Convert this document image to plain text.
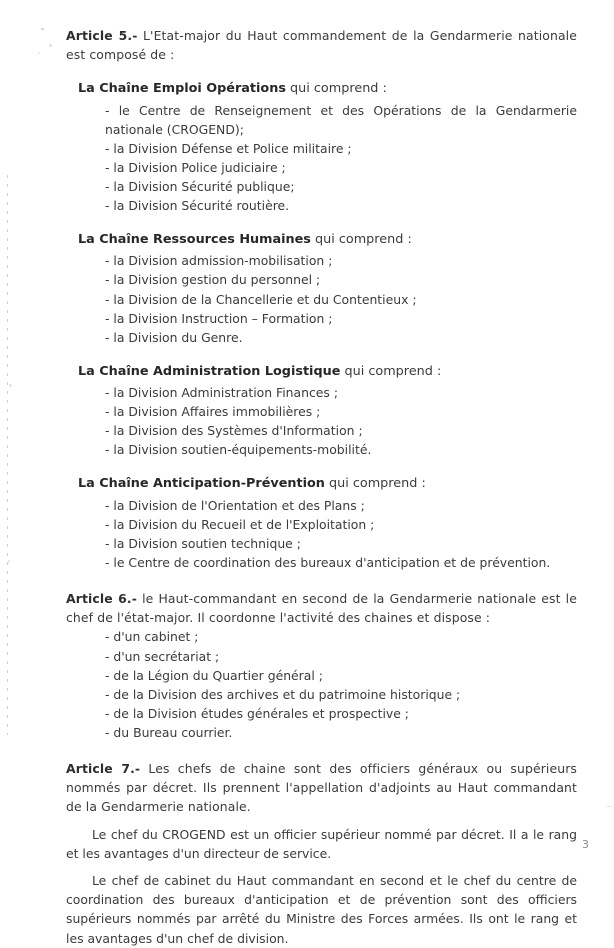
Article 5.- L'Etat-major du Haut commandement de la Gendarmerie nationale est composé de :

La Chaîne Emploi Opérations qui comprend :
- le Centre de Renseignement et des Opérations de la Gendarmerie nationale (CROGEND);
- la Division Défense et Police militaire ;
- la Division Police judiciaire ;
- la Division Sécurité publique;
- la Division Sécurité routière.
La Chaîne Ressources Humaines qui comprend :
- la Division admission-mobilisation ;
- la Division gestion du personnel ;
- la Division de la Chancellerie et du Contentieux ;
- la Division Instruction – Formation ;
- la Division du Genre.
La Chaîne Administration Logistique qui comprend :
- la Division Administration Finances ;
- la Division Affaires immobilières ;
- la Division des Systèmes d'Information ;
- la Division soutien-équipements-mobilité.
La Chaîne Anticipation-Prévention qui comprend :
- la Division de l'Orientation et des Plans ;
- la Division du Recueil et de l'Exploitation ;
- la Division soutien technique ;
- le Centre de coordination des bureaux d'anticipation et de prévention.

Article 6.- le Haut-commandant en second de la Gendarmerie nationale est le chef de l'état-major. Il coordonne l'activité des chaines et dispose :

- d'un cabinet ;
- d'un secrétariat ;
- de la Légion du Quartier général ;
- de la Division des archives et du patrimoine historique ;
- de la Division études générales et prospective ;
- du Bureau courrier.

Article 7.- Les chefs de chaine sont des officiers généraux ou supérieurs nommés par décret. Ils prennent l'appellation d'adjoints au Haut commandant de la Gendarmerie nationale.

Le chef du CROGEND est un officier supérieur nommé par décret. Il a le rang et les avantages d'un directeur de service.

Le chef de cabinet du Haut commandant en second et le chef du centre de coordination des bureaux d'anticipation et de prévention sont des officiers supérieurs nommés par arrêté du Ministre des Forces armées. Ils ont le rang et les avantages d'un chef de division.

3
